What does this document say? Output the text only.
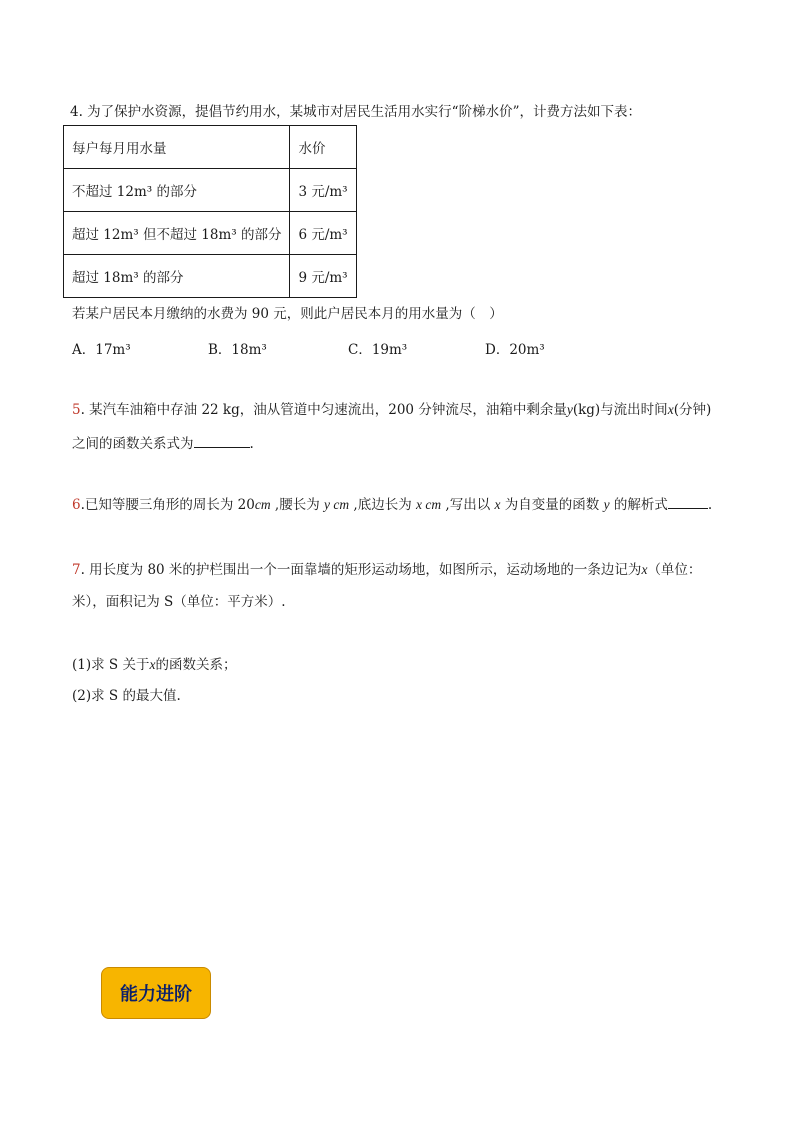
4. 为了保护水资源，提倡节约用水，某城市对居民生活用水实行“阶梯水价”，计费方法如下表：
每户每月用水量	水价
不超过 12m³ 的部分	3 元/m³
超过 12m³ 但不超过 18m³ 的部分	6 元/m³
超过 18m³ 的部分	9 元/m³
若某户居民本月缴纳的水费为 90 元，则此户居民本月的用水量为（　）
A．17m³	B．18m³	C．19m³	D．20m³
5. 某汽车油箱中存油 22 kg，油从管道中匀速流出，200 分钟流尽，油箱中剩余量y(kg)与流出时间x(分钟)
之间的函数关系式为	.
6.已知等腰三角形的周长为 20cm ,腰长为 y cm ,底边长为 x cm ,写出以 x 为自变量的函数 y 的解析式	.
7. 用长度为 80 米的护栏围出一个一面靠墙的矩形运动场地，如图所示，运动场地的一条边记为x（单位：
米），面积记为 S（单位：平方米）.
(1)求 S 关于x的函数关系；
(2)求 S 的最大值.
能力进阶
